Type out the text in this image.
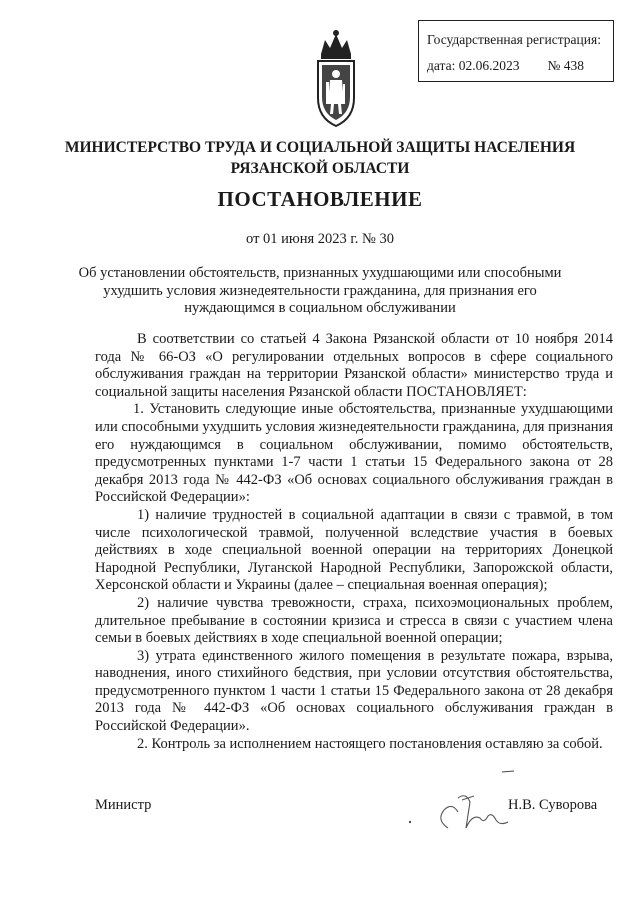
Государственная регистрация:
дата: 02.06.2023 № 438
МИНИСТЕРСТВО ТРУДА И СОЦИАЛЬНОЙ ЗАЩИТЫ НАСЕЛЕНИЯ
РЯЗАНСКОЙ ОБЛАСТИ
ПОСТАНОВЛЕНИЕ
от 01 июня 2023 г. № 30
Об установлении обстоятельств, признанных ухудшающими или способными ухудшить условия жизнедеятельности гражданина, для признания его нуждающимся в социальном обслуживании

В соответствии со статьей 4 Закона Рязанской области от 10 ноября 2014 года № 66-ОЗ «О регулировании отдельных вопросов в сфере социального обслуживания граждан на территории Рязанской области» министерство труда и социальной защиты населения Рязанской области ПОСТАНОВЛЯЕТ:

1. Установить следующие иные обстоятельства, признанные ухудшающими или способными ухудшить условия жизнедеятельности гражданина, для признания его нуждающимся в социальном обслуживании, помимо обстоятельств, предусмотренных пунктами 1-7 части 1 статьи 15 Федерального закона от 28 декабря 2013 года № 442-ФЗ «Об основах социального обслуживания граждан в Российской Федерации»:

1) наличие трудностей в социальной адаптации в связи с травмой, в том числе психологической травмой, полученной вследствие участия в боевых действиях в ходе специальной военной операции на территориях Донецкой Народной Республики, Луганской Народной Республики, Запорожской области, Херсонской области и Украины (далее – специальная военная операция);

2) наличие чувства тревожности, страха, психоэмоциональных проблем, длительное пребывание в состоянии кризиса и стресса в связи с участием члена семьи в боевых действиях в ходе специальной военной операции;

3) утрата единственного жилого помещения в результате пожара, взрыва, наводнения, иного стихийного бедствия, при условии отсутствия обстоятельства, предусмотренного пунктом 1 части 1 статьи 15 Федерального закона от 28 декабря 2013 года № 442-ФЗ «Об основах социального обслуживания граждан в Российской Федерации».

2. Контроль за исполнением настоящего постановления оставляю за собой.

Министр	Н.В. Суворова
